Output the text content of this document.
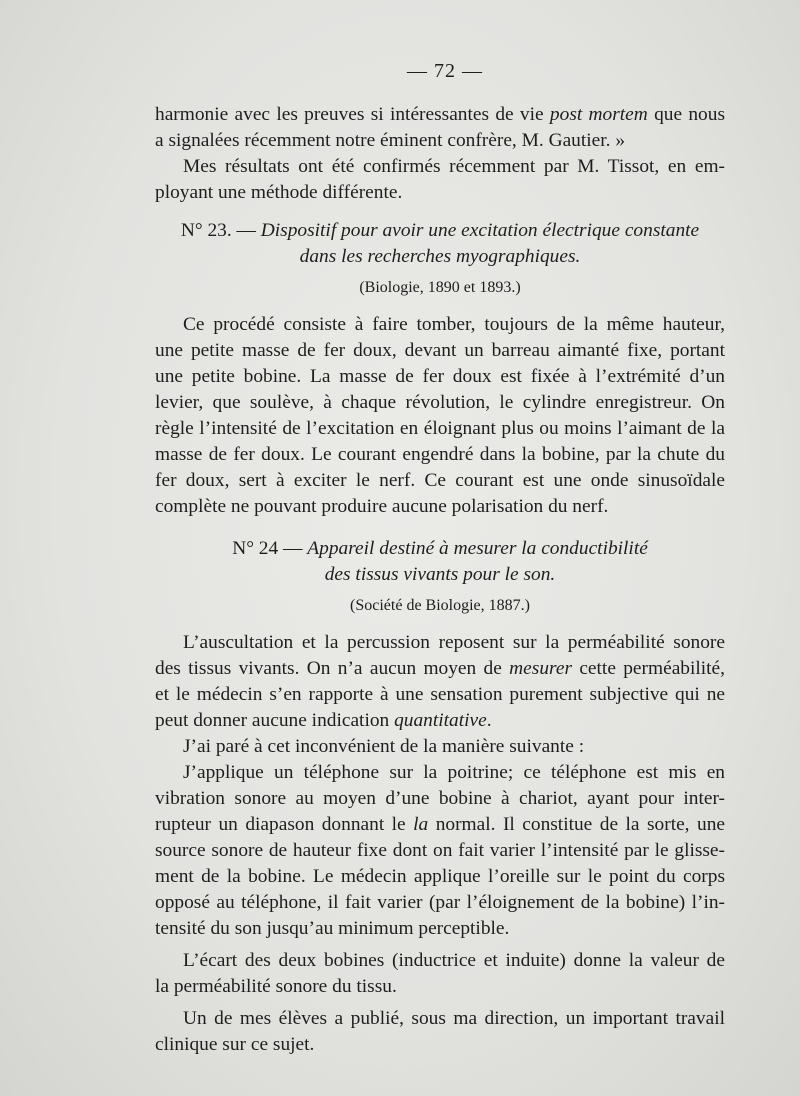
— 72 —

harmonie avec les preuves si intéressantes de vie post mortem que nous
a signalées récemment notre éminent confrère, M. Gautier. »

Mes résultats ont été confirmés récemment par M. Tissot, en em-
ployant une méthode différente.

N° 23. — Dispositif pour avoir une excitation électrique constante
dans les recherches myographiques.
(Biologie, 1890 et 1893.)

Ce procédé consiste à faire tomber, toujours de la même hauteur,
une petite masse de fer doux, devant un barreau aimanté fixe, portant
une petite bobine. La masse de fer doux est fixée à l’extrémité d’un
levier, que soulève, à chaque révolution, le cylindre enregistreur. On
règle l’intensité de l’excitation en éloignant plus ou moins l’aimant de la
masse de fer doux. Le courant engendré dans la bobine, par la chute du
fer doux, sert à exciter le nerf. Ce courant est une onde sinusoïdale
complète ne pouvant produire aucune polarisation du nerf.

N° 24 — Appareil destiné à mesurer la conductibilité
des tissus vivants pour le son.
(Société de Biologie, 1887.)

L’auscultation et la percussion reposent sur la perméabilité sonore
des tissus vivants. On n’a aucun moyen de mesurer cette perméabilité,
et le médecin s’en rapporte à une sensation purement subjective qui ne
peut donner aucune indication quantitative.

J’ai paré à cet inconvénient de la manière suivante :

J’applique un téléphone sur la poitrine; ce téléphone est mis en
vibration sonore au moyen d’une bobine à chariot, ayant pour inter-
rupteur un diapason donnant le la normal. Il constitue de la sorte, une
source sonore de hauteur fixe dont on fait varier l’intensité par le glisse-
ment de la bobine. Le médecin applique l’oreille sur le point du corps
opposé au téléphone, il fait varier (par l’éloignement de la bobine) l’in-
tensité du son jusqu’au minimum perceptible.

L’écart des deux bobines (inductrice et induite) donne la valeur de
la perméabilité sonore du tissu.

Un de mes élèves a publié, sous ma direction, un important travail
clinique sur ce sujet.
